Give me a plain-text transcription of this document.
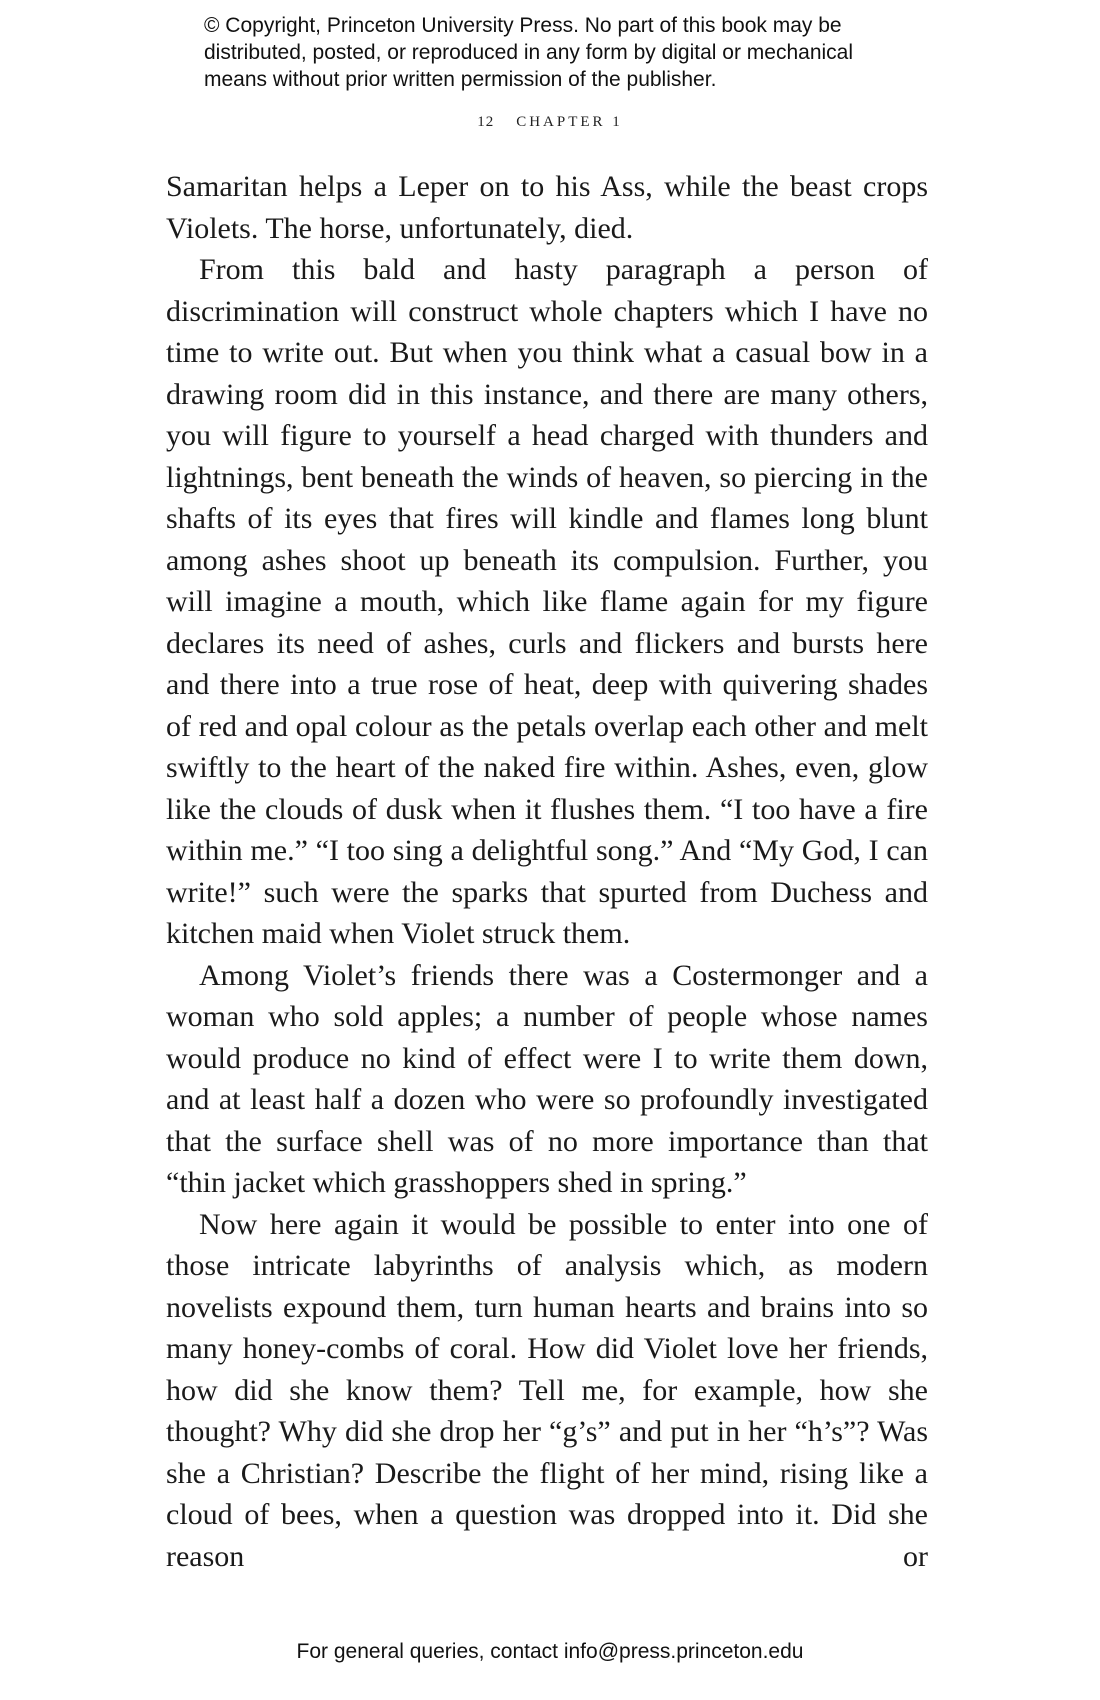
© Copyright, Princeton University Press. No part of this book may be
distributed, posted, or reproduced in any form by digital or mechanical
means without prior written permission of the publisher.
12 CHAPTER 1

Samaritan helps a Leper on to his Ass, while the beast crops Violets. The horse, unfortunately, died.

From this bald and hasty paragraph a person of discrimination will construct whole chapters which I have no time to write out. But when you think what a casual bow in a drawing room did in this instance, and there are many others, you will figure to yourself a head charged with thunders and lightnings, bent beneath the winds of heaven, so piercing in the shafts of its eyes that fires will kindle and flames long blunt among ashes shoot up beneath its compulsion. Further, you will imagine a mouth, which like flame again for my figure declares its need of ashes, curls and flickers and bursts here and there into a true rose of heat, deep with quivering shades of red and opal colour as the petals overlap each other and melt swiftly to the heart of the naked fire within. Ashes, even, glow like the clouds of dusk when it flushes them. “I too have a fire within me.” “I too sing a delightful song.” And “My God, I can write!” such were the sparks that spurted from Duchess and kitchen maid when Violet struck them.

Among Violet’s friends there was a Costermonger and a woman who sold apples; a number of people whose names would produce no kind of effect were I to write them down, and at least half a dozen who were so profoundly investigated that the surface shell was of no more importance than that “thin jacket which grasshoppers shed in spring.”

Now here again it would be possible to enter into one of those intricate labyrinths of analysis which, as modern novelists expound them, turn human hearts and brains into so many honey-combs of coral. How did Violet love her friends, how did she know them? Tell me, for example, how she thought? Why did she drop her “g’s” and put in her “h’s”? Was she a Christian? Describe the flight of her mind, rising like a cloud of bees, when a question was dropped into it. Did she reason or

For general queries, contact info@press.princeton.edu
